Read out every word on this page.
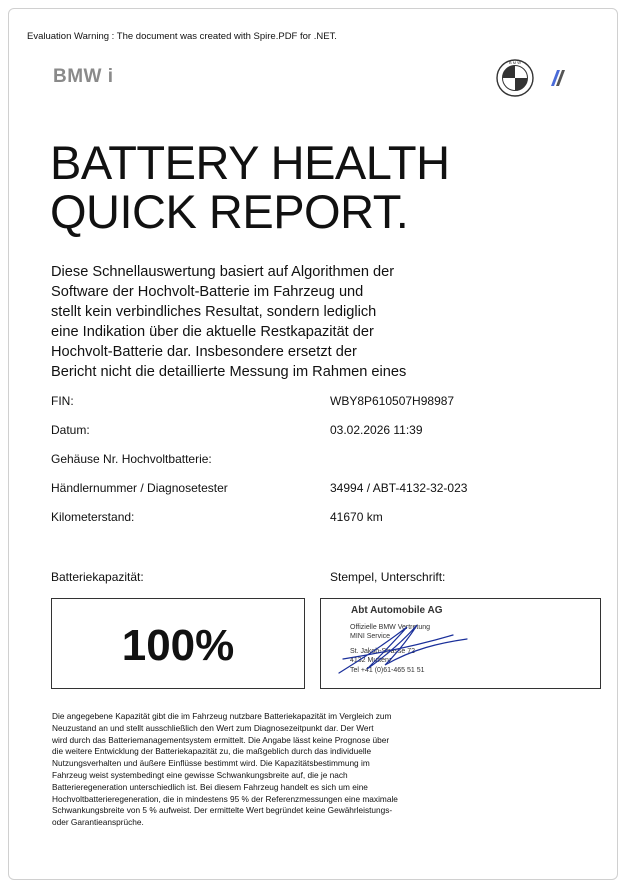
Evaluation Warning : The document was created with Spire.PDF for .NET.
BMW i
B M W
BATTERY HEALTH
QUICK REPORT.
Diese Schnellauswertung basiert auf Algorithmen der
Software der Hochvolt-Batterie im Fahrzeug und
stellt kein verbindliches Resultat, sondern lediglich
eine Indikation über die aktuelle Restkapazität der
Hochvolt-Batterie dar. Insbesondere ersetzt der
Bericht nicht die detaillierte Messung im Rahmen eines
FIN:	WBY8P610507H98987
Datum:	03.02.2026 11:39
Gehäuse Nr. Hochvoltbatterie:
Händlernummer / Diagnosetester	34994 / ABT-4132-32-023
Kilometerstand:	41670 km
Batteriekapazität:	Stempel, Unterschrift:
100%
Abt Automobile AG
Offizielle BMW Vertretung
MINI Service
St. Jakob-Strasse 72
4132 Muttenz
Tel +41 (0)61-465 51 51
Die angegebene Kapazität gibt die im Fahrzeug nutzbare Batteriekapazität im Vergleich zum
Neuzustand an und stellt ausschließlich den Wert zum Diagnosezeitpunkt dar. Der Wert
wird durch das Batteriemanagementsystem ermittelt. Die Angabe lässt keine Prognose über
die weitere Entwicklung der Batteriekapazität zu, die maßgeblich durch das individuelle
Nutzungsverhalten und äußere Einflüsse bestimmt wird. Die Kapazitätsbestimmung im
Fahrzeug weist systembedingt eine gewisse Schwankungsbreite auf, die je nach
Batterieregeneration unterschiedlich ist. Bei diesem Fahrzeug handelt es sich um eine
Hochvoltbatterieregeneration, die in mindestens 95 % der Referenzmessungen eine maximale
Schwankungsbreite von 5 % aufweist. Der ermittelte Wert begründet keine Gewährleistungs-
oder Garantieansprüche.
